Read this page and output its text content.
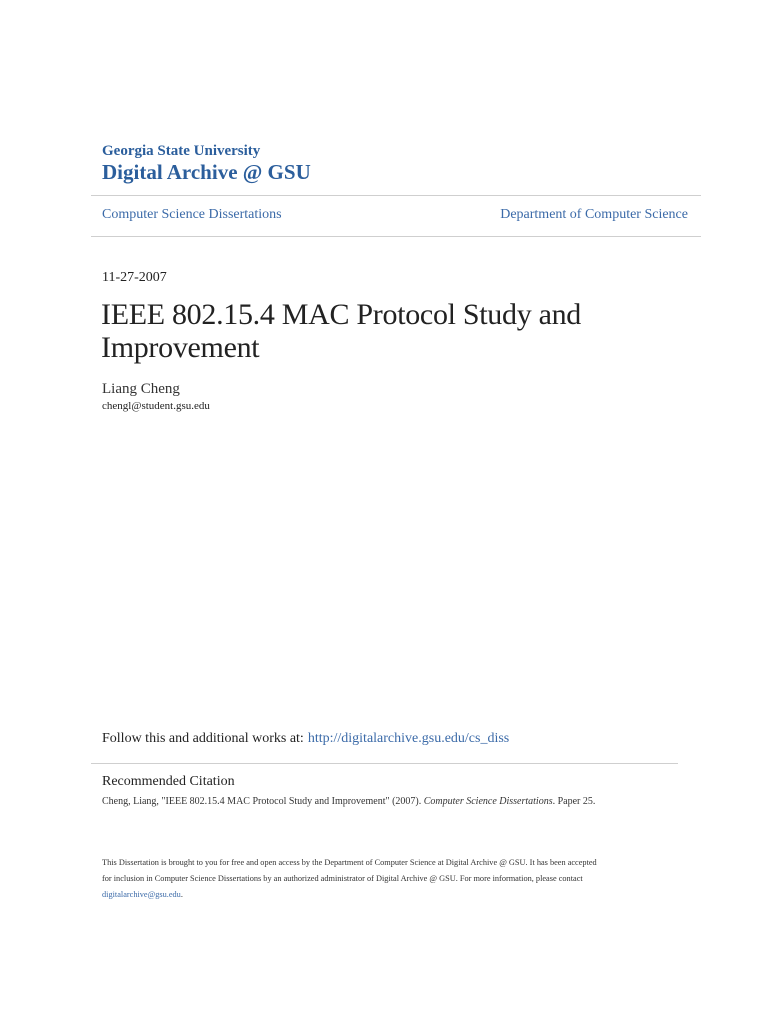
Georgia State University
Digital Archive @ GSU
Computer Science Dissertations	Department of Computer Science
11-27-2007
IEEE 802.15.4 MAC Protocol Study and Improvement
Liang Cheng
chengl@student.gsu.edu
Follow this and additional works at: http://digitalarchive.gsu.edu/cs_diss
Recommended Citation
Cheng, Liang, "IEEE 802.15.4 MAC Protocol Study and Improvement" (2007). Computer Science Dissertations. Paper 25.
This Dissertation is brought to you for free and open access by the Department of Computer Science at Digital Archive @ GSU. It has been accepted
for inclusion in Computer Science Dissertations by an authorized administrator of Digital Archive @ GSU. For more information, please contact
digitalarchive@gsu.edu.
